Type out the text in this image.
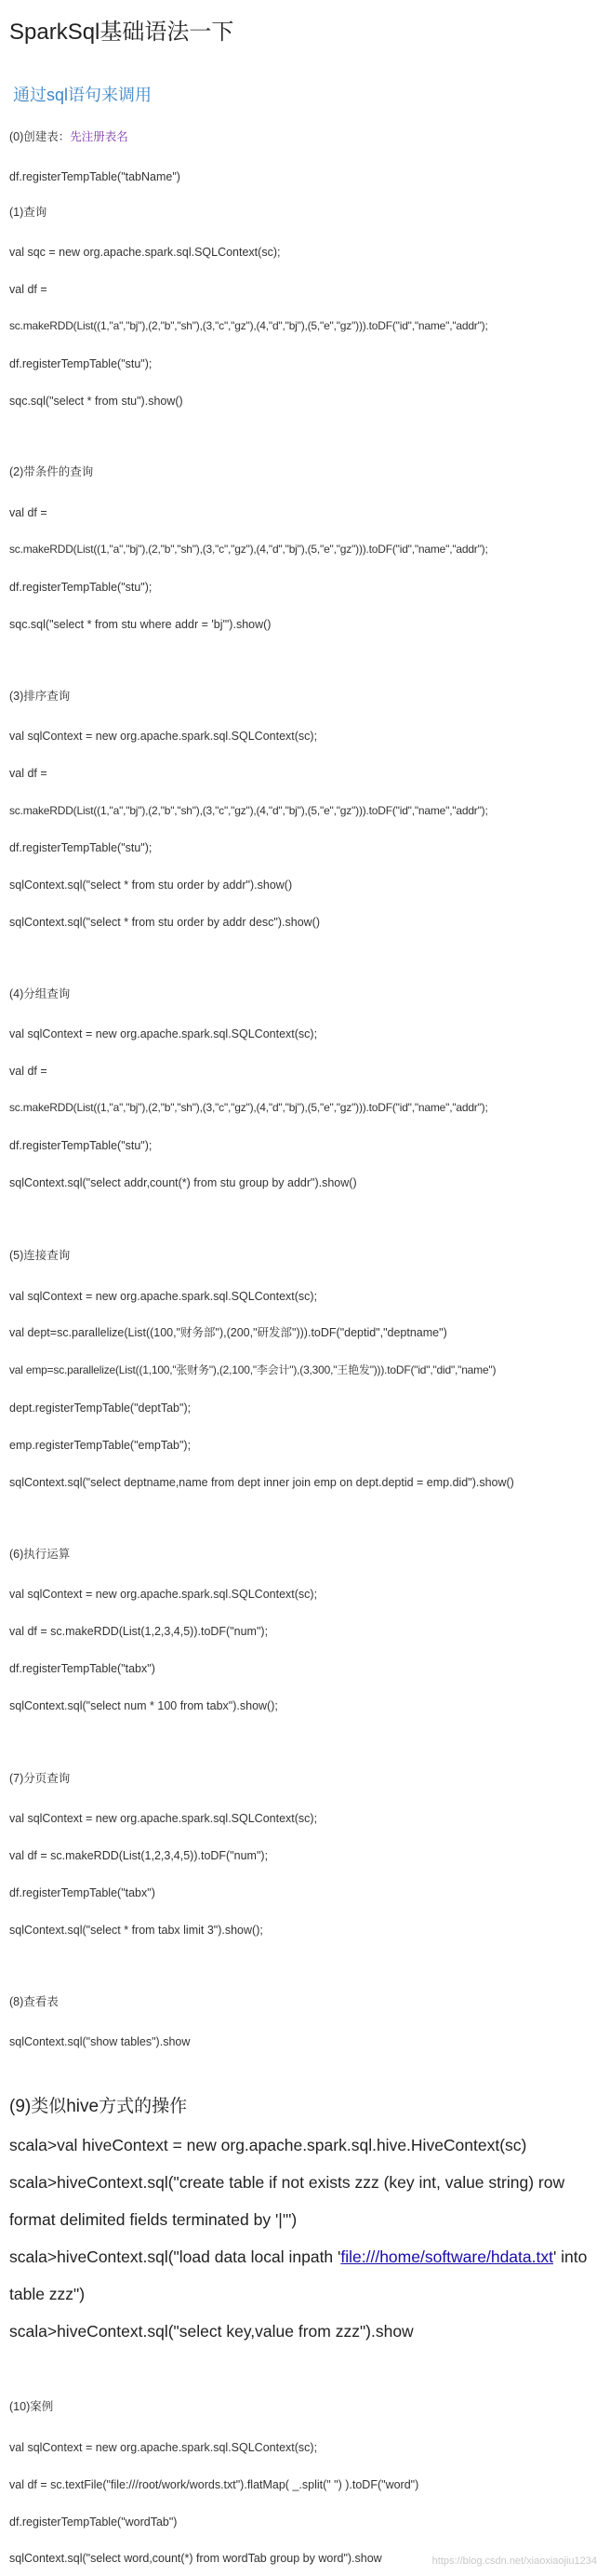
SparkSql基础语法一下
通过sql语句来调用
(0)创建表：先注册表名
df.registerTempTable("tabName")
(1)查询
val sqc = new org.apache.spark.sql.SQLContext(sc);
val df =
sc.makeRDD(List((1,"a","bj"),(2,"b","sh"),(3,"c","gz"),(4,"d","bj"),(5,"e","gz"))).toDF("id","name","addr");
df.registerTempTable("stu");
sqc.sql("select * from stu").show()
(2)带条件的查询
val df =
sc.makeRDD(List((1,"a","bj"),(2,"b","sh"),(3,"c","gz"),(4,"d","bj"),(5,"e","gz"))).toDF("id","name","addr");
df.registerTempTable("stu");
sqc.sql("select * from stu where addr = 'bj'").show()
(3)排序查询
val sqlContext = new org.apache.spark.sql.SQLContext(sc);
val df =
sc.makeRDD(List((1,"a","bj"),(2,"b","sh"),(3,"c","gz"),(4,"d","bj"),(5,"e","gz"))).toDF("id","name","addr");
df.registerTempTable("stu");
sqlContext.sql("select * from stu order by addr").show()
sqlContext.sql("select * from stu order by addr desc").show()
(4)分组查询
val sqlContext = new org.apache.spark.sql.SQLContext(sc);
val df =
sc.makeRDD(List((1,"a","bj"),(2,"b","sh"),(3,"c","gz"),(4,"d","bj"),(5,"e","gz"))).toDF("id","name","addr");
df.registerTempTable("stu");
sqlContext.sql("select addr,count(*) from stu group by addr").show()
(5)连接查询
val sqlContext = new org.apache.spark.sql.SQLContext(sc);
val dept=sc.parallelize(List((100,"财务部"),(200,"研发部"))).toDF("deptid","deptname")
val emp=sc.parallelize(List((1,100,"张财务"),(2,100,"李会计"),(3,300,"王艳发"))).toDF("id","did","name")
dept.registerTempTable("deptTab");
emp.registerTempTable("empTab");
sqlContext.sql("select deptname,name from dept inner join emp on dept.deptid = emp.did").show()
(6)执行运算
val sqlContext = new org.apache.spark.sql.SQLContext(sc);
val df = sc.makeRDD(List(1,2,3,4,5)).toDF("num");
df.registerTempTable("tabx")
sqlContext.sql("select num * 100 from tabx").show();
(7)分页查询
val sqlContext = new org.apache.spark.sql.SQLContext(sc);
val df = sc.makeRDD(List(1,2,3,4,5)).toDF("num");
df.registerTempTable("tabx")
sqlContext.sql("select * from tabx limit 3").show();
(8)查看表
sqlContext.sql("show tables").show
(9)类似hive方式的操作
scala>val hiveContext = new org.apache.spark.sql.hive.HiveContext(sc)
scala>hiveContext.sql("create table if not exists zzz (key int, value string) row
format delimited fields terminated by '|'")
scala>hiveContext.sql("load data local inpath 'file:///home/software/hdata.txt' into
table zzz")
scala>hiveContext.sql("select key,value from zzz").show
(10)案例
val sqlContext = new org.apache.spark.sql.SQLContext(sc);
val df = sc.textFile("file:///root/work/words.txt").flatMap( _.split(" ") ).toDF("word")
df.registerTempTable("wordTab")
sqlContext.sql("select word,count(*) from wordTab group by word").show	https://blog.csdn.net/xiaoxiaojiu1234
